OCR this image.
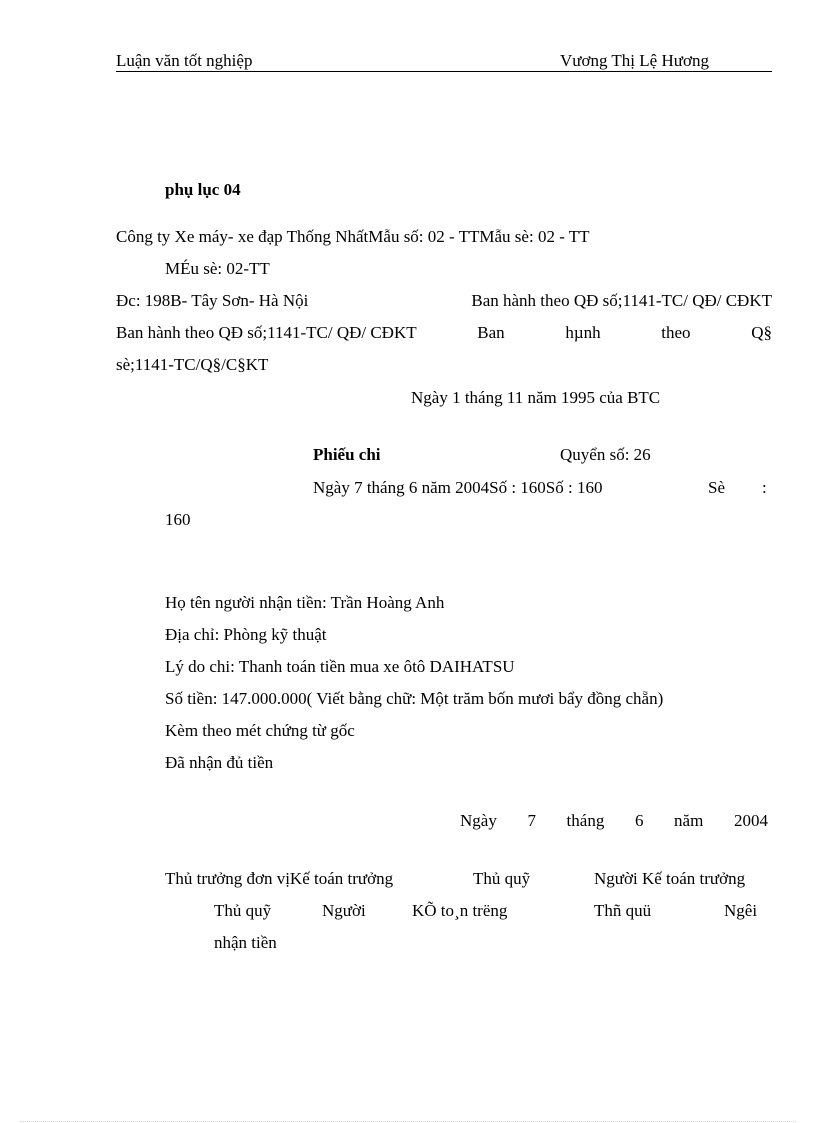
Luận văn tốt nghiệp	Vương Thị Lệ Hương
phụ lục 04
Công ty Xe máy- xe đạp Thống NhấtMẫu số: 02 - TTMẫu sè: 02 - TT
MÉu sè: 02-TT
Đc: 198B- Tây Sơn- Hà Nội	Ban hành theo QĐ số;1141-TC/ QĐ/ CĐKT
Ban hành theo QĐ số;1141-TC/ QĐ/ CĐKT	Ban	hµnh	theo	Q§
sè;1141-TC/Q§/C§KT
Ngày 1 tháng 11 năm 1995 của BTC
Phiếu chi	Quyển số: 26
Ngày 7 tháng 6 năm 2004Số : 160Số : 160	Sè :
160
Họ tên người nhận tiền: Trần Hoàng Anh
Địa chỉ: Phòng kỹ thuật
Lý do chi: Thanh toán tiền mua xe ôtô DAIHATSU
Số tiền: 147.000.000( Viết bằng chữ: Một trăm bốn mươi bẩy đồng chẵn)
Kèm theo mét chứng từ gốc
Đã nhận đủ tiền
Ngày 7 tháng 6 năm 2004
Thủ trưởng đơn vịKế toán trưởng	Thủ quỹ	Người Kế toán trưởng
Thủ quỹ	Người	KÕ to¸n trëng	Thñ quü	Ngêi
nhận tiền
